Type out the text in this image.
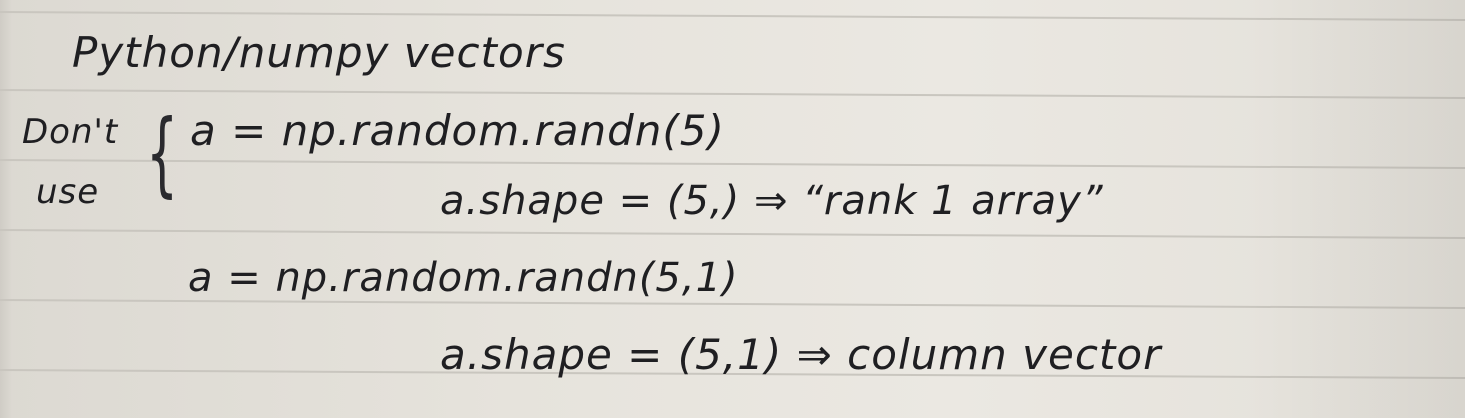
Python/numpy vectors

Don't

use { a = np.random.randn(5)

a.shape = (5,) ⇒ “rank 1 array”

a = np.random.randn(5,1)

a.shape = (5,1) ⇒ column vector
